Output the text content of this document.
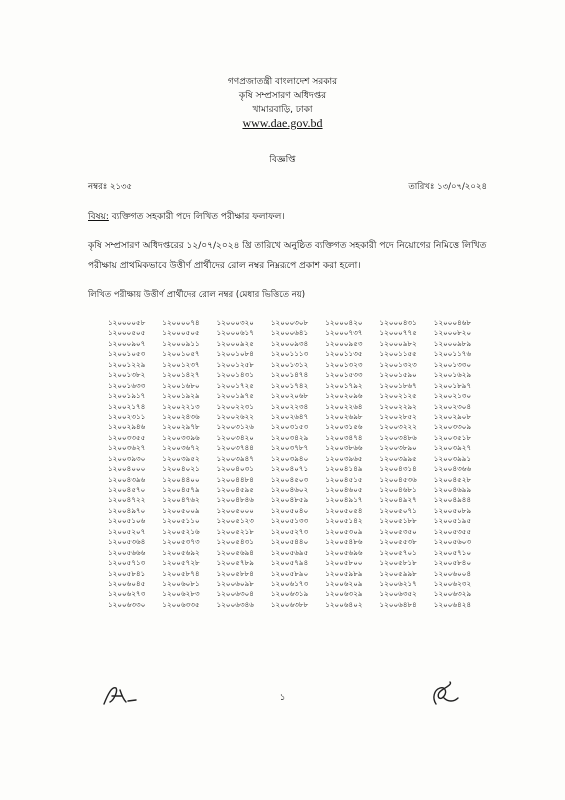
গণপ্রজাতন্ত্রী বাংলাদেশ সরকার
কৃষি সম্প্রসারণ অধিদপ্তর
খামারবাড়ি, ঢাকা
www.dae.gov.bd
বিজ্ঞপ্তি
নম্বরঃ ২১৩৫	তারিখঃ ১৩/০৭/২০২৪
বিষয়: ব্যক্তিগত সহকারী পদে লিখিত পরীক্ষার ফলাফল।
কৃষি সম্প্রসারণ অধিদপ্তরের ১২/০৭/২০২৪ খ্রি তারিখে অনুষ্ঠিত ব্যক্তিগত সহকারী পদে নিয়োগের নিমিত্তে লিখিত পরীক্ষায় প্রাথমিকভাবে উত্তীর্ণ প্রার্থীদের রোল নম্বর নিম্নরূপে প্রকাশ করা হলো।
লিখিত পরীক্ষায় উত্তীর্ণ প্রার্থীদের রোল নম্বর (মেধার ভিত্তিতে নয়)
১২০০০০৫৮	১২০০০০৭৪	১২০০০৩২০	১২০০০৩০৮	১২০০০৪২০	১২০০০৪৩১	১২০০০৪৬৮
১২০০০৫০৫	১২০০০৫০৫	১২০০০৬১৭	১২০০০৬৪১	১২০০০৭৩৭	১২০০০৭৭৫	১২০০০৮২০
১২০০০৯০৭	১২০০০৯১১	১২০০০৯২৫	১২০০০৯৩৪	১২০০০৯৫৩	১২০০০৯৮২	১২০০০৯৮৯
১২০০১০৫৩	১২০০১০৫৭	১২০০১০৮৪	১২০০১১১৩	১২০০১১৩৫	১২০০১১৫৫	১২০০১১৭৬
১২০০১২২৯	১২০০১২৩৭	১২০০১২৫৮	১২০০১৩১২	১২০০১৩২৩	১২০০১৩২৩	১২০০১৩৩০
১২০০১৩৮২	১২০০১৪২৭	১২০০১৪৩১	১২০০১৪৭৪	১২০০১৫৩৩	১২০০১৫৯০	১২০০১৬২৯
১২০০১৬৩৩	১২০০১৬৮০	১২০০১৭২৫	১২০০১৭৪২	১২০০১৭৯২	১২০০১৮৬৭	১২০০১৮৯৭
১২০০১৯১৭	১২০০১৯২৯	১২০০১৯৭৫	১২০০২০৬৮	১২০০২০৯৬	১২০০২১২৫	১২০০২১৩০
১২০০২১৭৪	১২০০২২১৩	১২০০২২৩১	১২০০২২৩৪	১২০০২২৬৪	১২০০২২৯২	১২০০২৩০৪
১২০০২৩১১	১২০০২৪৩৬	১২০০২৬২২	১২০০২৬৪৭	১২০০২৬৯৮	১২০০২৮৫২	১২০০২৯০৮
১২০০২৯৪৬	১২০০২৯৭৮	১২০০৩১২৬	১২০০৩১৫৩	১২০০৩১৫৬	১২০০৩২২২	১২০০৩৩০৯
১২০০৩৩৫৫	১২০০৩৩৯৬	১২০০৩৪২০	১২০০৩৪২৯	১২০০৩৪৭৪	১২০০৩৪৮৬	১২০০৩৫১৮
১২০০৩৬২৭	১২০০৩৬৭২	১২০০৩৭৪৪	১২০০৩৭৮৭	১২০০৩৮৬৬	১২০০৩৮৯০	১২০০৩৯২৭
১২০০৩৯৩০	১২০০৩৯৫২	১২০০৩৯৪৭	১২০০৩৯৪০	১২০০৩৯৬৫	১২০০৩৯৯৫	১২০০৩৯৯১
১২০০৪০০০	১২০০৪০২১	১২০০৪০৩১	১২০০৪০৭১	১২০০৪১৪৯	১২০০৪৩১৪	১২০০৪৩৬৬
১২০০৪৩৯৬	১২০০৪৪০০	১২০০৪৪৮৪	১২০০৪৫০৩	১২০০৪৫১৫	১২০০৪৫৩৬	১২০০৪৫২৮
১২০০৪৫৭০	১২০০৪৫৭৯	১২০০৪৫৯৫	১২০০৪৬০২	১২০০৪৬০৫	১২০০৪৬৮১	১২০০৪৬৯৯
১২০০৪৭২২	১২০০৪৭৬২	১২০০৪৮৪৬	১২০০৪৮৫৯	১২০০৪৯১৭	১২০০৪৯২৭	১২০০৪৯৪৪
১২০০৪৯৭০	১২০০৫০০৯	১২০০৫০০০	১২০০৫০৪০	১২০০৫০৫৪	১২০০৫০৭১	১২০০৫০৮৯
১২০০৫১০৬	১২০০৫১১০	১২০০৫১২৩	১২০০৫১৩৩	১২০০৫১৪২	১২০০৫১৮৮	১২০০৫১৯৫
১২০০৫২০৭	১২০০৫২১৬	১২০০৫২১৮	১২০০৫২৭৩	১২০০৫৩০৯	১২০০৫৩৫০	১২০০৫৩৫৫
১২০০৫৩৬৪	১২০০৫৩৭৩	১২০০৫৪৩১	১২০০৫৪৪০	১২০০৫৪৮৬	১২০০৫৫৩৮	১২০০৫৬০৩
১২০০৫৬৬৬	১২০০৫৬৯২	১২০০৫৬৯৪	১২০০৫৬৯৫	১২০০৫৬৯৬	১২০০৫৭০১	১২০০৫৭১০
১২০০৫৭১৩	১২০০৫৭২৮	১২০০৫৭৮৯	১২০০৫৭৯৪	১২০০৫৮০০	১২০০৫৮১৮	১২০০৫৮৪০
১২০০৫৮৪১	১২০০৫৮৭৪	১২০০৫৮৮৪	১২০০৫৮৯০	১২০০৫৯৮৯	১২০০৫৯৯৮	১২০০৬০০৪
১২০০৬০৪৫	১২০০৬০৮১	১২০০৬০৯৮	১২০০৬১৭৩	১২০০৬২০৯	১২০০৬২১৭	১২০০৬২৩২
১২০০৬২৭৩	১২০০৬২৮৩	১২০০৬৩০৪	১২০০৬৩১৯	১২০০৬৩২৯	১২০০৬৩৫২	১২০০৬৩২৯
১২০০৬৩৩০	১২০০৬৩৩৫	১২০০৬৩৪৬	১২০০৬৩৮৮	১২০০৬৪০২	১২০০৬৪৮৪	১২০০৬৪২৪
১
